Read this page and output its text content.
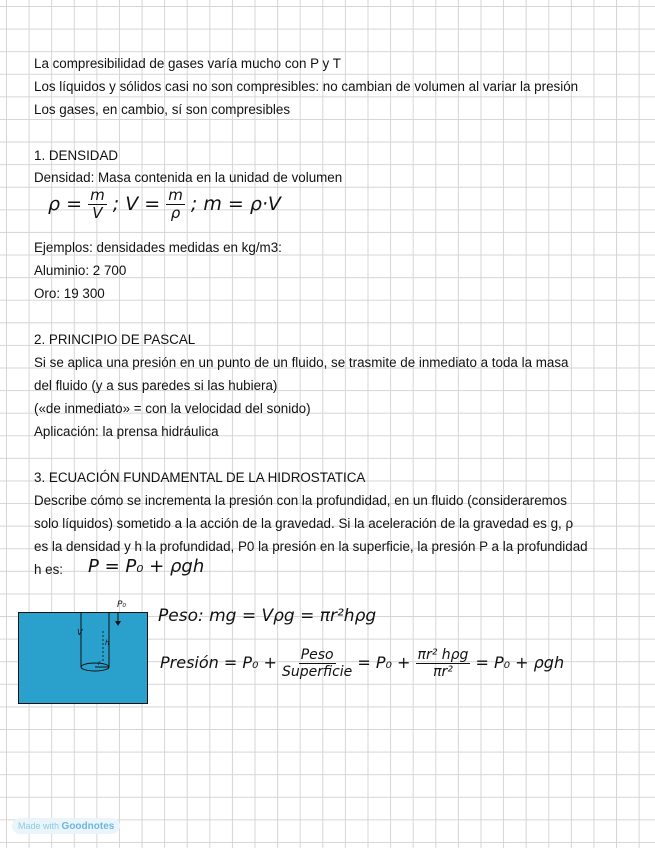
La compresibilidad de gases varía mucho con P y T
Los líquidos y sólidos casi no son compresibles: no cambian de volumen al variar la presión
Los gases, en cambio, sí son compresibles
1. DENSIDAD
Densidad: Masa contenida en la unidad de volumen
$\rho = \frac{m}{V}$ ; $V = \frac{m}{\rho}$ ; m = ρ·V
Ejemplos: densidades medidas en kg/m3:
Aluminio: 2 700
Oro: 19 300
2. PRINCIPIO DE PASCAL
Si se aplica una presión en un punto de un fluido, se trasmite de inmediato a toda la masa
del fluido (y a sus paredes si las hubiera)
(«de inmediato» = con la velocidad del sonido)
Aplicación: la prensa hidráulica
3. ECUACIÓN FUNDAMENTAL DE LA HIDROSTATICA
Describe cómo se incrementa la presión con la profundidad, en un fluido (consideraremos
solo líquidos) sometido a la acción de la gravedad. Si la aceleración de la gravedad es g, ρ
es la densidad y h la profundidad, P0 la presión en la superficie, la presión P a la profundidad
h es: P = P₀ + ρgh
P₀
V
h
r
Peso: mg = Vρg = πr²hρg
Presión = $P_0 + \frac{\text{Peso}}{\text{Superficie}} = P_0 + \frac{\text{πr² hρg}}{\text{πr²}} = P_0 + \rho gh$
Made with Goodnotes
